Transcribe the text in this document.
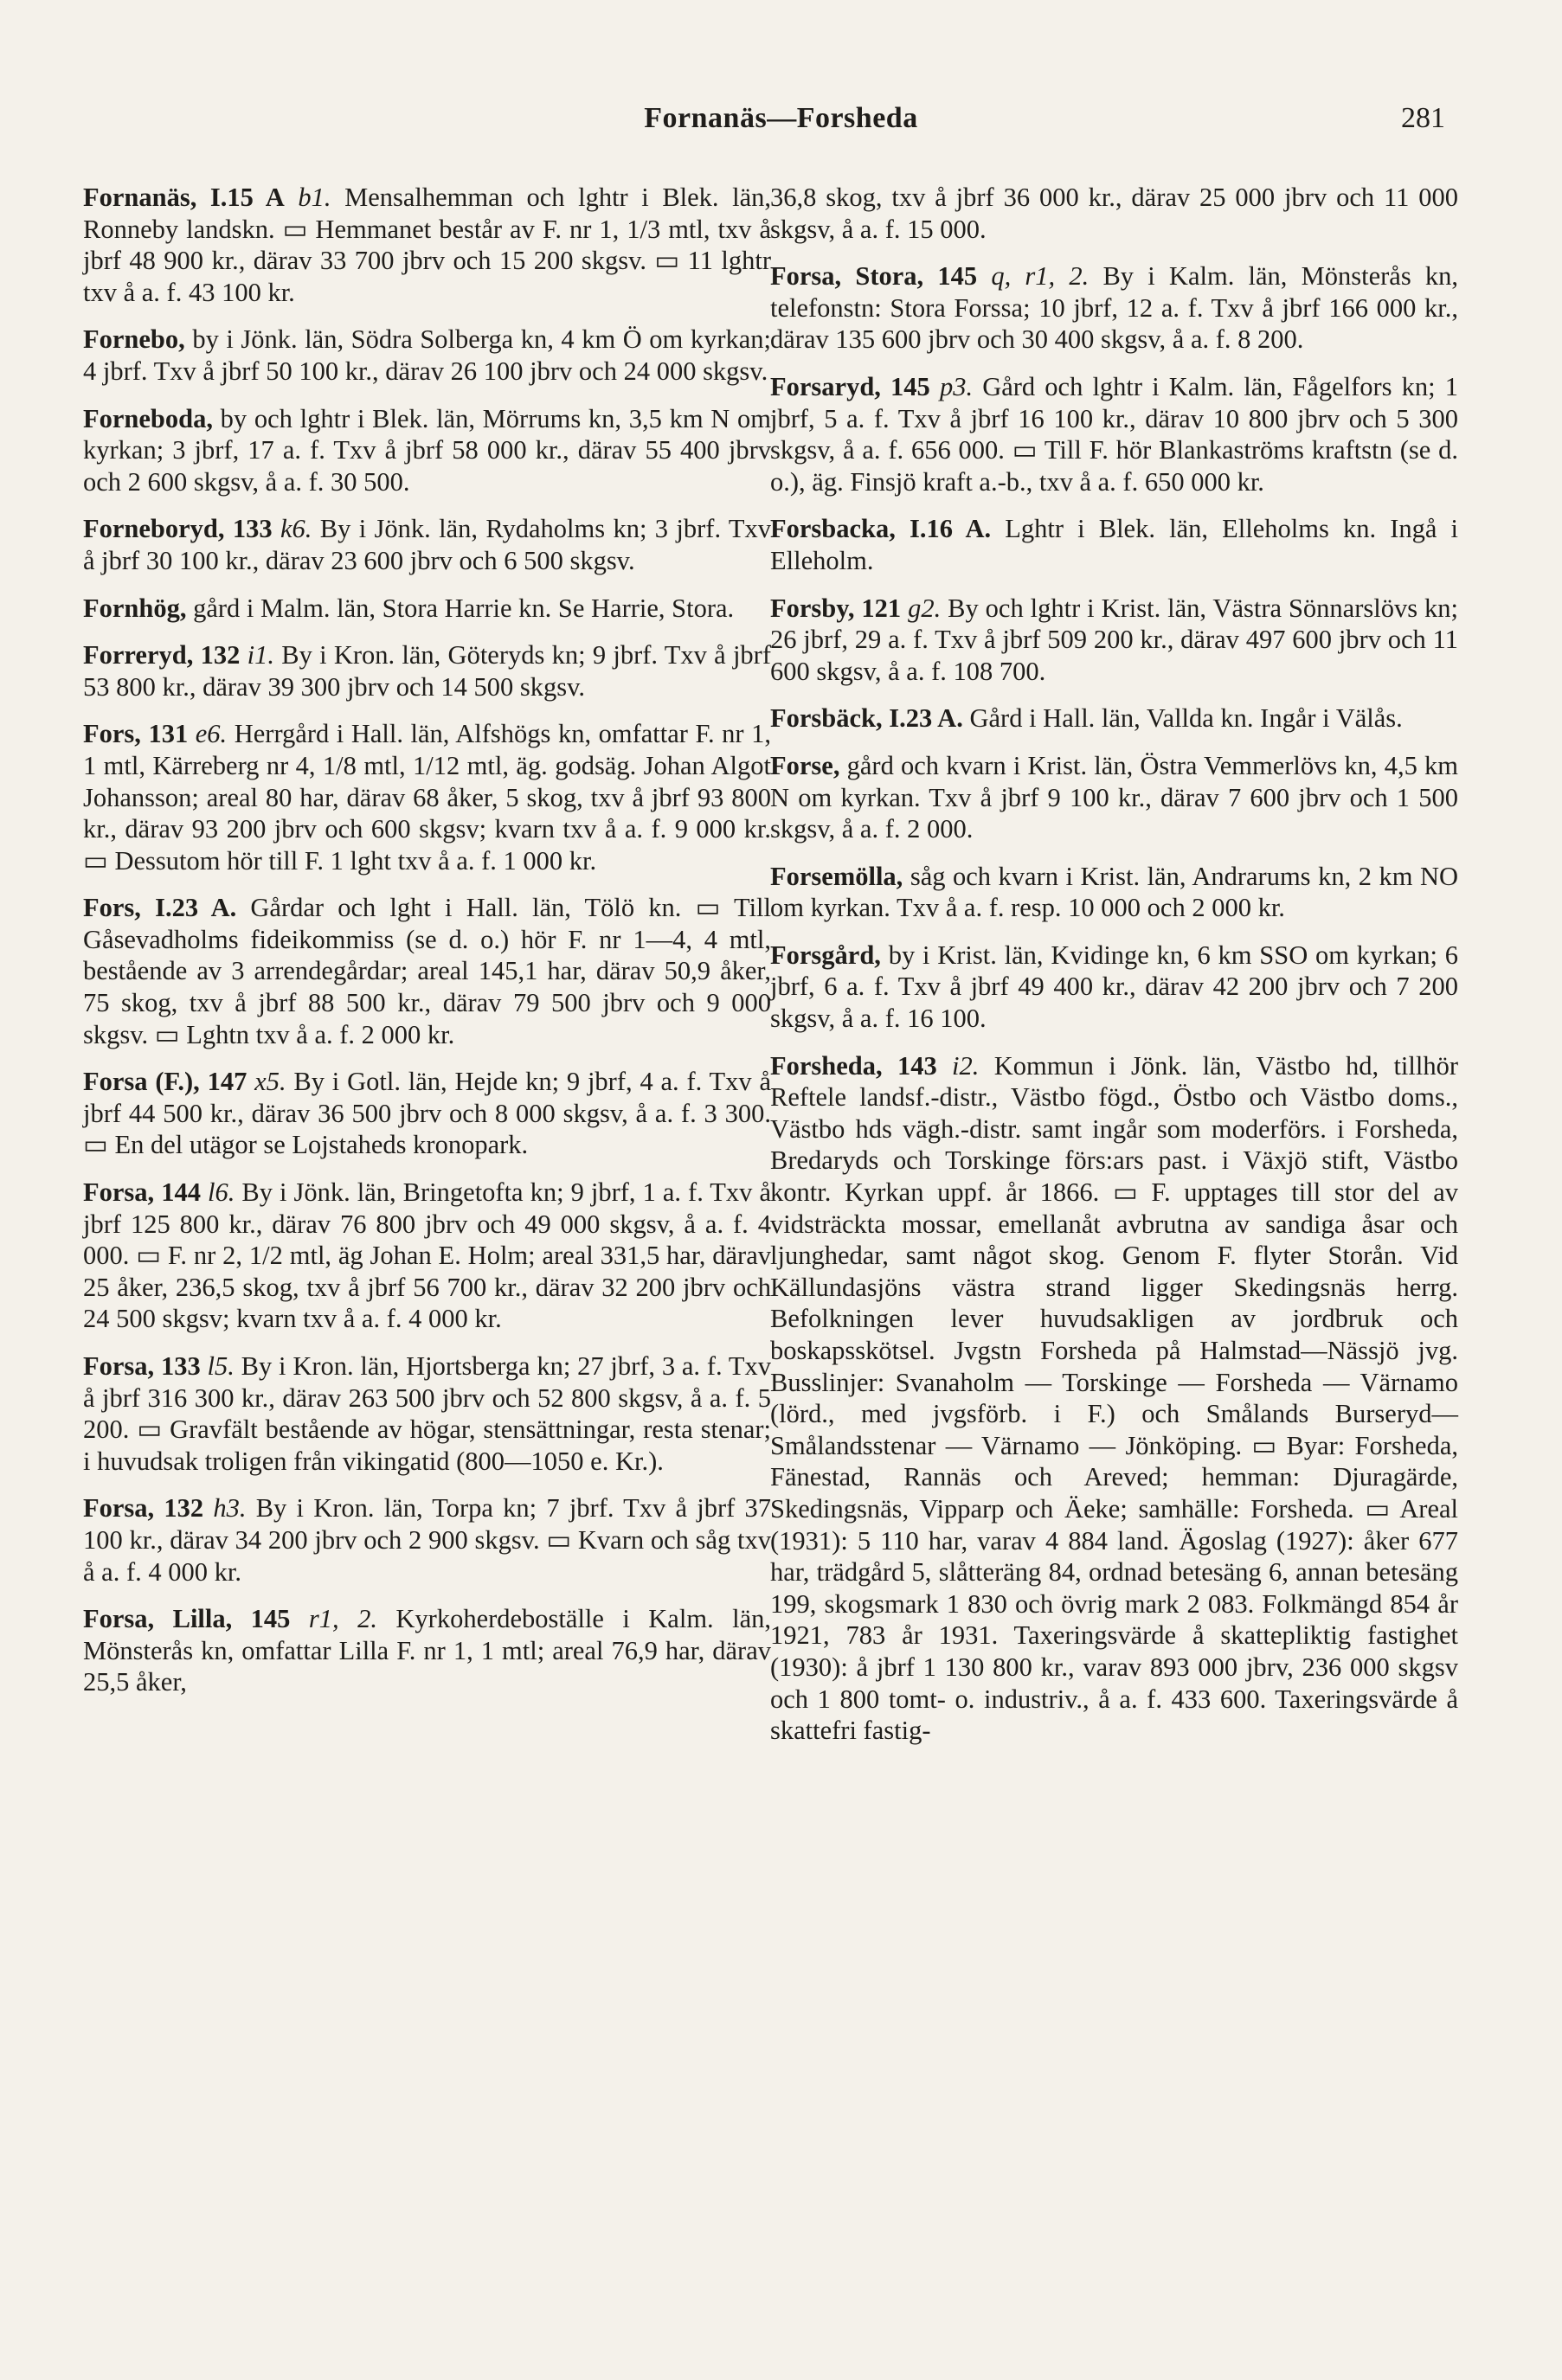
Fornanäs—Forsheda	281

Fornanäs, I.15 A b1. Mensalhemman och lghtr i Blek. län, Ronneby landskn. ▭ Hemmanet består av F. nr 1, 1/3 mtl, txv å jbrf 48 900 kr., därav 33 700 jbrv och 15 200 skgsv. ▭ 11 lghtr txv å a. f. 43 100 kr.

Fornebo, by i Jönk. län, Södra Solberga kn, 4 km Ö om kyrkan; 4 jbrf. Txv å jbrf 50 100 kr., därav 26 100 jbrv och 24 000 skgsv.

Forneboda, by och lghtr i Blek. län, Mörrums kn, 3,5 km N om kyrkan; 3 jbrf, 17 a. f. Txv å jbrf 58 000 kr., därav 55 400 jbrv och 2 600 skgsv, å a. f. 30 500.

Forneboryd, 133 k6. By i Jönk. län, Rydaholms kn; 3 jbrf. Txv å jbrf 30 100 kr., därav 23 600 jbrv och 6 500 skgsv.

Fornhög, gård i Malm. län, Stora Harrie kn. Se Harrie, Stora.

Forreryd, 132 i1. By i Kron. län, Göteryds kn; 9 jbrf. Txv å jbrf 53 800 kr., därav 39 300 jbrv och 14 500 skgsv.

Fors, 131 e6. Herrgård i Hall. län, Alfshögs kn, omfattar F. nr 1, 1 mtl, Kärreberg nr 4, 1/8 mtl, 1/12 mtl, äg. godsäg. Johan Algot Johansson; areal 80 har, därav 68 åker, 5 skog, txv å jbrf 93 800 kr., därav 93 200 jbrv och 600 skgsv; kvarn txv å a. f. 9 000 kr. ▭ Dessutom hör till F. 1 lght txv å a. f. 1 000 kr.

Fors, I.23 A. Gårdar och lght i Hall. län, Tölö kn. ▭ Till Gåsevadholms fideikommiss (se d. o.) hör F. nr 1—4, 4 mtl, bestående av 3 arrendegårdar; areal 145,1 har, därav 50,9 åker, 75 skog, txv å jbrf 88 500 kr., därav 79 500 jbrv och 9 000 skgsv. ▭ Lghtn txv å a. f. 2 000 kr.

Forsa (F.), 147 x5. By i Gotl. län, Hejde kn; 9 jbrf, 4 a. f. Txv å jbrf 44 500 kr., därav 36 500 jbrv och 8 000 skgsv, å a. f. 3 300. ▭ En del utägor se Lojstaheds kronopark.

Forsa, 144 l6. By i Jönk. län, Bringetofta kn; 9 jbrf, 1 a. f. Txv å jbrf 125 800 kr., därav 76 800 jbrv och 49 000 skgsv, å a. f. 4 000. ▭ F. nr 2, 1/2 mtl, äg Johan E. Holm; areal 331,5 har, därav 25 åker, 236,5 skog, txv å jbrf 56 700 kr., därav 32 200 jbrv och 24 500 skgsv; kvarn txv å a. f. 4 000 kr.

Forsa, 133 l5. By i Kron. län, Hjortsberga kn; 27 jbrf, 3 a. f. Txv å jbrf 316 300 kr., därav 263 500 jbrv och 52 800 skgsv, å a. f. 5 200. ▭ Gravfält bestående av högar, stensättningar, resta stenar; i huvudsak troligen från vikingatid (800—1050 e. Kr.).

Forsa, 132 h3. By i Kron. län, Torpa kn; 7 jbrf. Txv å jbrf 37 100 kr., därav 34 200 jbrv och 2 900 skgsv. ▭ Kvarn och såg txv å a. f. 4 000 kr.

Forsa, Lilla, 145 r1, 2. Kyrkoherdeboställe i Kalm. län, Mönsterås kn, omfattar Lilla F. nr 1, 1 mtl; areal 76,9 har, därav 25,5 åker,

36,8 skog, txv å jbrf 36 000 kr., därav 25 000 jbrv och 11 000 skgsv, å a. f. 15 000.

Forsa, Stora, 145 q, r1, 2. By i Kalm. län, Mönsterås kn, telefonstn: Stora Forssa; 10 jbrf, 12 a. f. Txv å jbrf 166 000 kr., därav 135 600 jbrv och 30 400 skgsv, å a. f. 8 200.

Forsaryd, 145 p3. Gård och lghtr i Kalm. län, Fågelfors kn; 1 jbrf, 5 a. f. Txv å jbrf 16 100 kr., därav 10 800 jbrv och 5 300 skgsv, å a. f. 656 000. ▭ Till F. hör Blankaströms kraftstn (se d. o.), äg. Finsjö kraft a.-b., txv å a. f. 650 000 kr.

Forsbacka, I.16 A. Lghtr i Blek. län, Elleholms kn. Ingå i Elleholm.

Forsby, 121 g2. By och lghtr i Krist. län, Västra Sönnarslövs kn; 26 jbrf, 29 a. f. Txv å jbrf 509 200 kr., därav 497 600 jbrv och 11 600 skgsv, å a. f. 108 700.

Forsbäck, I.23 A. Gård i Hall. län, Vallda kn. Ingår i Välås.

Forse, gård och kvarn i Krist. län, Östra Vemmerlövs kn, 4,5 km N om kyrkan. Txv å jbrf 9 100 kr., därav 7 600 jbrv och 1 500 skgsv, å a. f. 2 000.

Forsemölla, såg och kvarn i Krist. län, Andrarums kn, 2 km NO om kyrkan. Txv å a. f. resp. 10 000 och 2 000 kr.

Forsgård, by i Krist. län, Kvidinge kn, 6 km SSO om kyrkan; 6 jbrf, 6 a. f. Txv å jbrf 49 400 kr., därav 42 200 jbrv och 7 200 skgsv, å a. f. 16 100.

Forsheda, 143 i2. Kommun i Jönk. län, Västbo hd, tillhör Reftele landsf.-distr., Västbo fögd., Östbo och Västbo doms., Västbo hds vägh.-distr. samt ingår som moderförs. i Forsheda, Bredaryds och Torskinge förs:ars past. i Växjö stift, Västbo kontr. Kyrkan uppf. år 1866. ▭ F. upptages till stor del av vidsträckta mossar, emellanåt avbrutna av sandiga åsar och ljunghedar, samt något skog. Genom F. flyter Storån. Vid Källundasjöns västra strand ligger Skedingsnäs herrg. Befolkningen lever huvudsakligen av jordbruk och boskapsskötsel. Jvgstn Forsheda på Halmstad—Nässjö jvg. Busslinjer: Svanaholm — Torskinge — Forsheda — Värnamo (lörd., med jvgsförb. i F.) och Smålands Burseryd—Smålandsstenar — Värnamo — Jönköping. ▭ Byar: Forsheda, Fänestad, Rannäs och Areved; hemman: Djuragärde, Skedingsnäs, Vipparp och Äeke; samhälle: Forsheda. ▭ Areal (1931): 5 110 har, varav 4 884 land. Ägoslag (1927): åker 677 har, trädgård 5, slåtteräng 84, ordnad betesäng 6, annan betesäng 199, skogsmark 1 830 och övrig mark 2 083. Folkmängd 854 år 1921, 783 år 1931. Taxeringsvärde å skattepliktig fastighet (1930): å jbrf 1 130 800 kr., varav 893 000 jbrv, 236 000 skgsv och 1 800 tomt- o. industriv., å a. f. 433 600. Taxeringsvärde å skattefri fastig-
